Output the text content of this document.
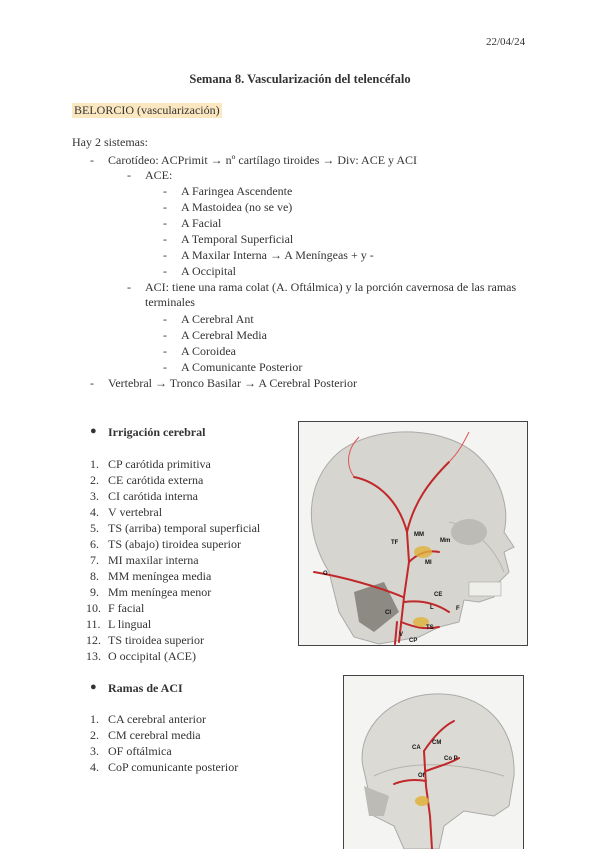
22/04/24
Semana 8. Vascularización del telencéfalo
BELORCIO (vascularización)
Hay 2 sistemas:
- Carotídeo: ACPrimit → nº cartílago tiroides → Div: ACE y ACI
- ACE:
- A Faringea Ascendente
- A Mastoidea (no se ve)
- A Facial
- A Temporal Superficial
- A Maxilar Interna → A Meníngeas + y -
- A Occipital
- ACI: tiene una rama colat (A. Oftálmica) y la porción cavernosa de las ramas
terminales
- A Cerebral Ant
- A Cerebral Media
- A Coroidea
- A Comunicante Posterior
- Vertebral → Tronco Basilar → A Cerebral Posterior
● Irrigación cerebral
1. CP carótida primitiva
2. CE carótida externa
3. CI carótida interna
4. V vertebral
5. TS (arriba) temporal superficial
6. TS (abajo) tiroidea superior
7. MI maxilar interna
8. MM meníngea media
9. Mm meníngea menor
10. F facial
11. L lingual
12. TS tiroidea superior
13. O occipital (ACE)
● Ramas de ACI
1. CA cerebral anterior
2. CM cerebral media
3. OF oftálmica
4. CoP comunicante posterior
TF
MM
Mm
MI
O
CE
CI
F
L
TS
V
CP
CA
CM
Co P
Of
